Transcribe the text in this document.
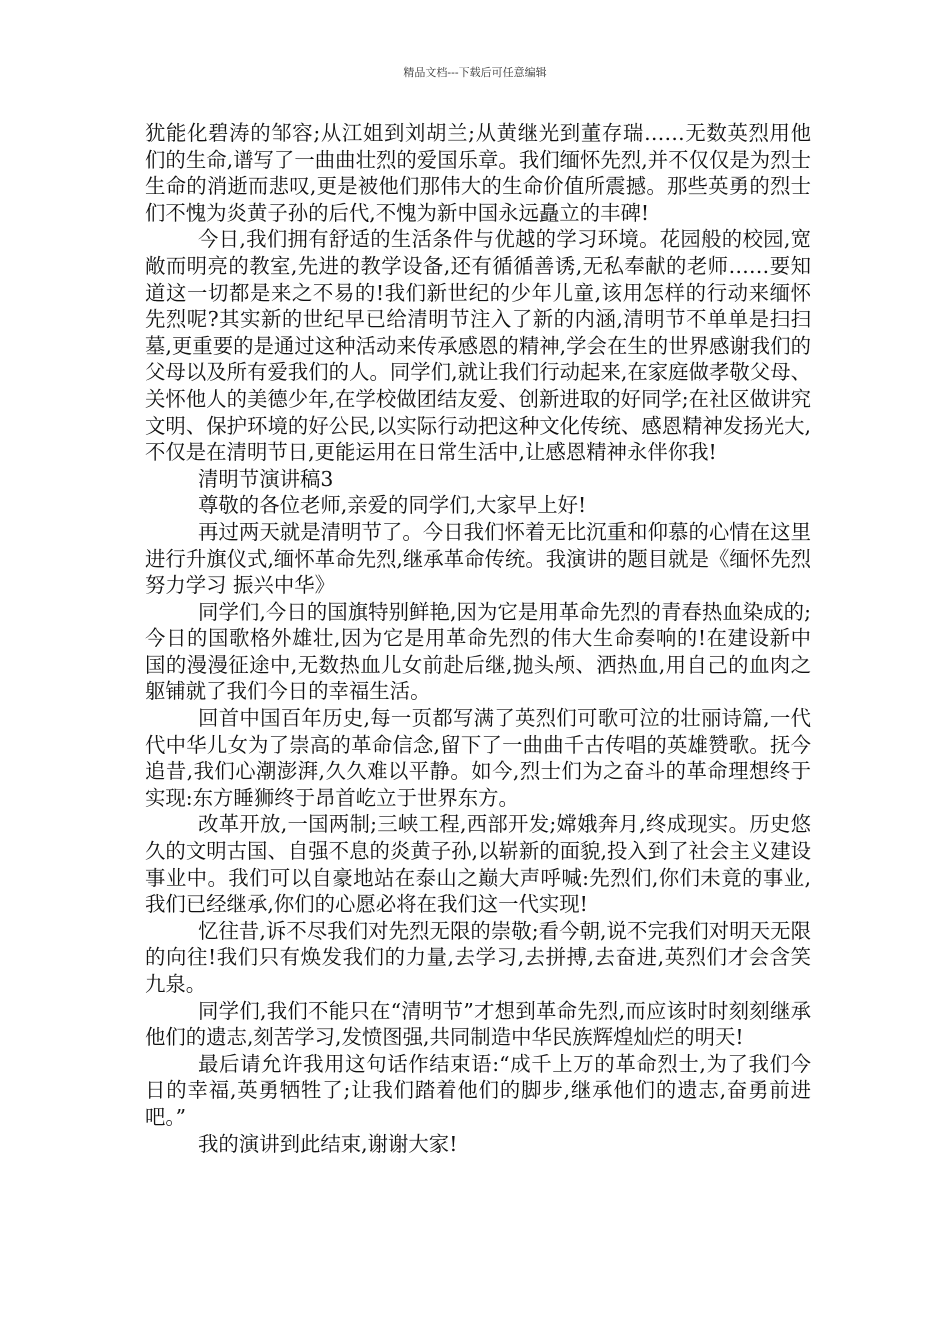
精品文档---下载后可任意编辑

犹能化碧涛的邹容;从江姐到刘胡兰;从黄继光到董存瑞……无数英烈用他们的生命,谱写了一曲曲壮烈的爱国乐章。我们缅怀先烈,并不仅仅是为烈士生命的消逝而悲叹,更是被他们那伟大的生命价值所震撼。那些英勇的烈士们不愧为炎黄子孙的后代,不愧为新中国永远矗立的丰碑!

今日,我们拥有舒适的生活条件与优越的学习环境。花园般的校园,宽敞而明亮的教室,先进的教学设备,还有循循善诱,无私奉献的老师……要知道这一切都是来之不易的!我们新世纪的少年儿童,该用怎样的行动来缅怀先烈呢?其实新的世纪早已给清明节注入了新的内涵,清明节不单单是扫扫墓,更重要的是通过这种活动来传承感恩的精神,学会在生的世界感谢我们的父母以及所有爱我们的人。同学们,就让我们行动起来,在家庭做孝敬父母、关怀他人的美德少年,在学校做团结友爱、创新进取的好同学;在社区做讲究文明、保护环境的好公民,以实际行动把这种文化传统、感恩精神发扬光大,不仅是在清明节日,更能运用在日常生活中,让感恩精神永伴你我!

清明节演讲稿3

尊敬的各位老师,亲爱的同学们,大家早上好!

再过两天就是清明节了。今日我们怀着无比沉重和仰慕的心情在这里进行升旗仪式,缅怀革命先烈,继承革命传统。我演讲的题目就是《缅怀先烈努力学习 振兴中华》

同学们,今日的国旗特别鲜艳,因为它是用革命先烈的青春热血染成的;今日的国歌格外雄壮,因为它是用革命先烈的伟大生命奏响的!在建设新中国的漫漫征途中,无数热血儿女前赴后继,抛头颅、洒热血,用自己的血肉之躯铺就了我们今日的幸福生活。

回首中国百年历史,每一页都写满了英烈们可歌可泣的壮丽诗篇,一代代中华儿女为了崇高的革命信念,留下了一曲曲千古传唱的英雄赞歌。抚今追昔,我们心潮澎湃,久久难以平静。如今,烈士们为之奋斗的革命理想终于实现:东方睡狮终于昂首屹立于世界东方。

改革开放,一国两制;三峡工程,西部开发;嫦娥奔月,终成现实。历史悠久的文明古国、自强不息的炎黄子孙,以崭新的面貌,投入到了社会主义建设事业中。我们可以自豪地站在泰山之巅大声呼喊:先烈们,你们未竟的事业,我们已经继承,你们的心愿必将在我们这一代实现!

忆往昔,诉不尽我们对先烈无限的崇敬;看今朝,说不完我们对明天无限的向往!我们只有焕发我们的力量,去学习,去拼搏,去奋进,英烈们才会含笑九泉。

同学们,我们不能只在“清明节”才想到革命先烈,而应该时时刻刻继承他们的遗志,刻苦学习,发愤图强,共同制造中华民族辉煌灿烂的明天!

最后请允许我用这句话作结束语:“成千上万的革命烈士,为了我们今日的幸福,英勇牺牲了;让我们踏着他们的脚步,继承他们的遗志,奋勇前进吧。”

我的演讲到此结束,谢谢大家!
